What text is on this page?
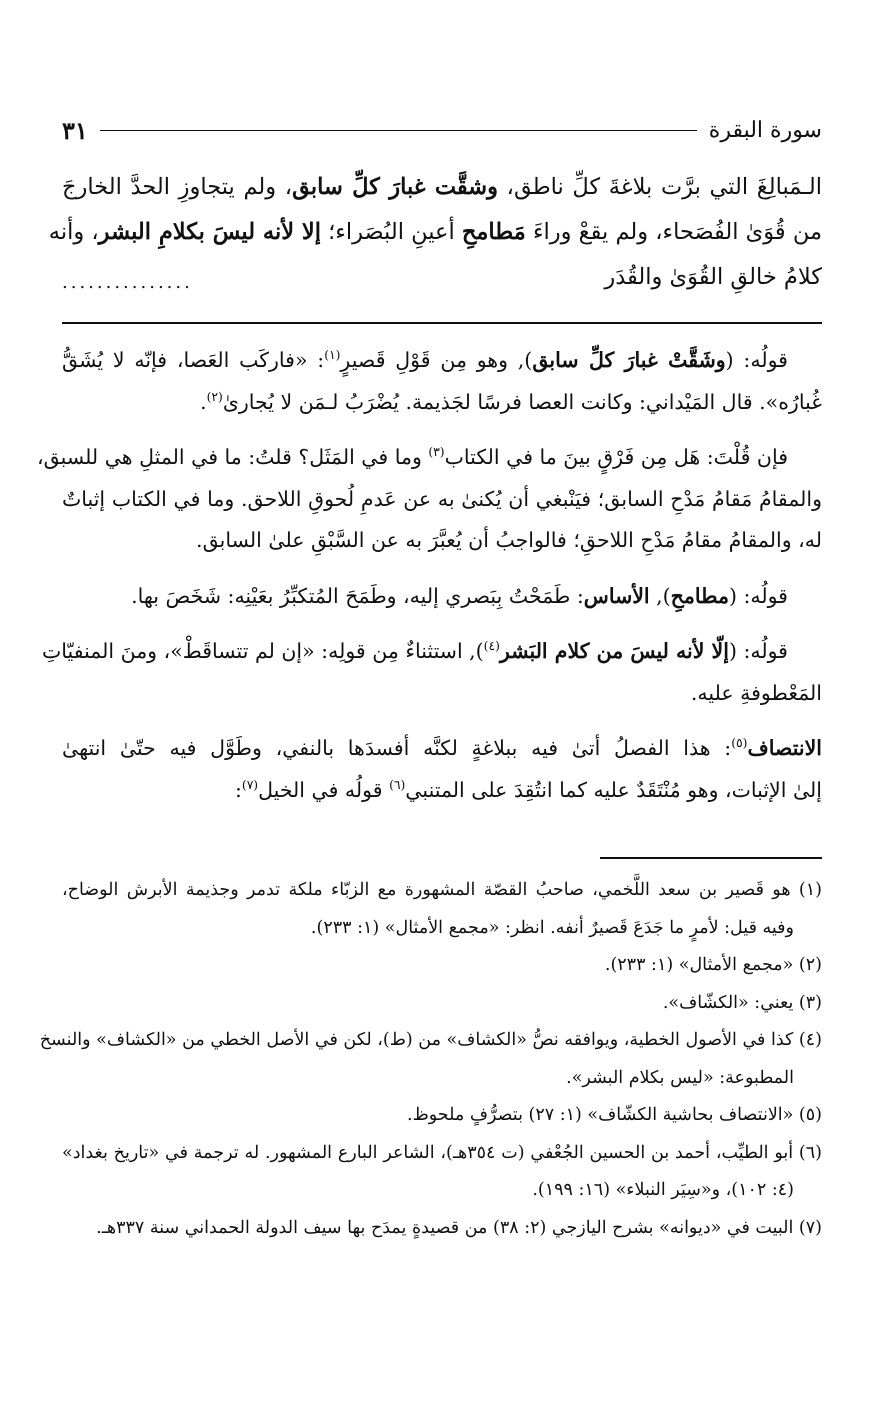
سورة البقرة
٣١
الـمَبالِغَ التي برَّت بلاغةَ كلِّ ناطق، وشقَّت غبارَ كلِّ سابق، ولم يتجاوزِ الحدَّ الخارجَ
من قُوَىٰ الفُصَحاء، ولم يقعْ وراءَ مَطامحِ أعينِ البُصَراء؛ إلا لأنه ليسَ بكلامِ البشر، وأنه
كلامُ خالقِ القُوَىٰ والقُدَر
...............
قولُه: (وشَقَّتْ غبارَ كلِّ سابق), وهو مِن قَوْلِ قَصيرٍ$^{(١)}$: «فاركَب العَصا، فإنّه لا يُشَقُّ
غُبارُه». قال المَيْداني: وكانت العصا فرسًا لجَذيمة. يُضْرَبُ لـمَن لا يُجارىٰ$^{(٢)}$.
فإن قُلْتَ: هَل مِن فَرْقٍ بينَ ما في الكتاب$^{(٣)}$ وما في المَثَل؟ قلتُ: ما في المثلِ هي للسبق،
والمقامُ مَقامُ مَدْحِ السابق؛ فيَنْبغي أن يُكنىٰ به عن عَدمِ لُحوقِ اللاحق. وما في الكتاب إثباتٌ
له، والمقامُ مقامُ مَدْحِ اللاحقِ؛ فالواجبُ أن يُعبَّرَ به عن السَّبْقِ علىٰ السابق.
قولُه: (مطامحِ), الأساس: طَمَحْتُ بِبَصري إليه، وطَمَحَ المُتكبِّرُ بعَيْنِه: شَخَصَ بها.
قولُه: (إلّا لأنه ليسَ من كلام البَشر$^{(٤)}$), استثناءٌ مِن قولِه: «إن لم تتساقَطْ»، ومنَ المنفيّاتِ
المَعْطوفةِ عليه.
الانتصاف$^{(٥)}$: هذا الفصلُ أتىٰ فيه ببلاغةٍ لكنَّه أفسدَها بالنفي، وطَوَّل فيه حتّىٰ انتهىٰ
إلىٰ الإثبات، وهو مُنْتَقَدٌ عليه كما انتُقِدَ على المتنبي$^{(٦)}$ قولُه في الخيل$^{(٧)}$:
(١) هو قَصير بن سعد اللَّخمي، صاحبُ القصّة المشهورة مع الزبّاء ملكة تدمر وجذيمة الأبرش الوضاح،
وفيه قيل: لأمرٍ ما جَدَعَ قَصيرٌ أنفه. انظر: «مجمع الأمثال» (١: ٢٣٣).
(٢) «مجمع الأمثال» (١: ٢٣٣).
(٣) يعني: «الكشّاف».
(٤) كذا في الأصول الخطية، ويوافقه نصُّ «الكشاف» من (ط)، لكن في الأصل الخطي من «الكشاف» والنسخ
المطبوعة: «ليس بكلام البشر».
(٥) «الانتصاف بحاشية الكشّاف» (١: ٢٧) بتصرُّفٍ ملحوظ.
(٦) أبو الطيِّب، أحمد بن الحسين الجُعْفي (ت ٣٥٤هـ)، الشاعر البارع المشهور. له ترجمة في «تاريخ بغداد»
(٤: ١٠٢)، و«سِيَر النبلاء» (١٦: ١٩٩).
(٧) البيت في «ديوانه» بشرح اليازجي (٢: ٣٨) من قصيدةٍ يمدَح بها سيف الدولة الحمداني سنة ٣٣٧هـ.
